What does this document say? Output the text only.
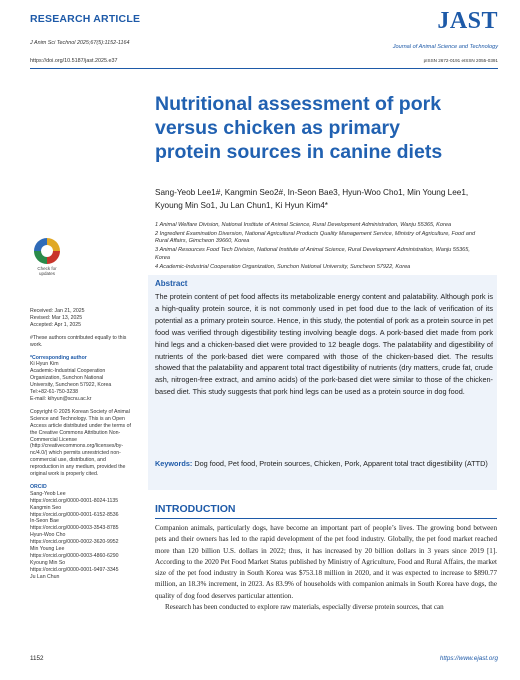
RESEARCH ARTICLE
J Anim Sci Technol 2025;67(5):1152-1164
https://doi.org/10.5187/jast.2025.e37
JAST
Journal of Animal Science and Technology
pISSN 2672-0191 eISSN 2055-0391
Nutritional assessment of pork versus chicken as primary protein sources in canine diets
Sang-Yeob Lee1#, Kangmin Seo2#, In-Seon Bae3, Hyun-Woo Cho1, Min Young Lee1, Kyoung Min So1, Ju Lan Chun1, Ki Hyun Kim4*
1 Animal Welfare Division, National Institute of Animal Science, Rural Development Administration, Wanju 55365, Korea
2 Ingredient Examination Diversion, National Agricultural Products Quality Management Service, Ministry of Agriculture, Food and Rural Affairs, Gimcheon 39660, Korea
3 Animal Resources Food Tech Division, National Institute of Animal Science, Rural Development Administration, Wanju 55365, Korea
4 Academic-Industrial Cooperation Organization, Sunchon National University, Suncheon 57922, Korea
Check for
updates
Received: Jan 21, 2025
Revised: Mar 13, 2025
Accepted: Apr 1, 2025
#These authors contributed equally to this work.
*Corresponding author
Ki Hyun Kim
Academic-Industrial Cooperation
Organization, Sunchon National
University, Suncheon 57922, Korea
Tel:+82-61-750-3238
E-mail: kihyun@scnu.ac.kr
Copyright © 2025 Korean Society of Animal Science and Technology. This is an Open Access article distributed under the terms of the Creative Commons Attribution Non-Commercial License (http://creativecommons.org/licenses/by-nc/4.0/) which permits unrestricted non-commercial use, distribution, and reproduction in any medium, provided the original work is properly cited.
ORCID
Sang-Yeob Lee
https://orcid.org/0000-0001-8024-1135
Kangmin Seo
https://orcid.org/0000-0001-6152-8536
In-Seon Bae
https://orcid.org/0000-0003-3543-8785
Hyun-Woo Cho
https://orcid.org/0000-0002-3620-9952
Min Young Lee
https://orcid.org/0000-0003-4860-6290
Kyoung Min So
https://orcid.org/0000-0001-9497-3345
Ju Lan Chun
Abstract
The protein content of pet food affects its metabolizable energy content and palatability. Although pork is a high-quality protein source, it is not commonly used in pet food due to the lack of verification of its potential as a primary protein source. Hence, in this study, the potential of pork as a protein source in pet food was verified through digestibility testing involving beagle dogs. A pork-based diet made from pork hind legs and a chicken-based diet were provided to 12 beagle dogs. The palatability and digestibility of nutrients of the pork-based diet were compared with those of the chicken-based diet. The results showed that the palatability and apparent total tract digestibility of nutrients (dry matters, crude fat, crude ash, nitrogen-free extract, and amino acids) of the pork-based diet were similar to those of the chicken-based diet. This study suggests that pork hind legs can be used as a protein source in dog food.
Keywords: Dog food, Pet food, Protein sources, Chicken, Pork, Apparent total tract digestibility (ATTD)
INTRODUCTION
Companion animals, particularly dogs, have become an important part of people’s lives. The growing bond between pets and their owners has led to the rapid development of the pet food industry. Globally, the pet food market reached more than 120 billion U.S. dollars in 2022; thus, it has increased by 20 billion dollars in 3 years since 2019 [1]. According to the 2020 Pet Food Market Status published by Ministry of Agriculture, Food and Rural Affairs, the market size of the pet food industry in South Korea was $753.18 million in 2020, and it was expected to increase to $890.77 million, an 18.3% increment, in 2023. As 83.9% of households with companion animals in South Korea have dogs, the quality of dog food deserves particular attention.
Research has been conducted to explore raw materials, especially diverse protein sources, that can
1152	https://www.ejast.org
